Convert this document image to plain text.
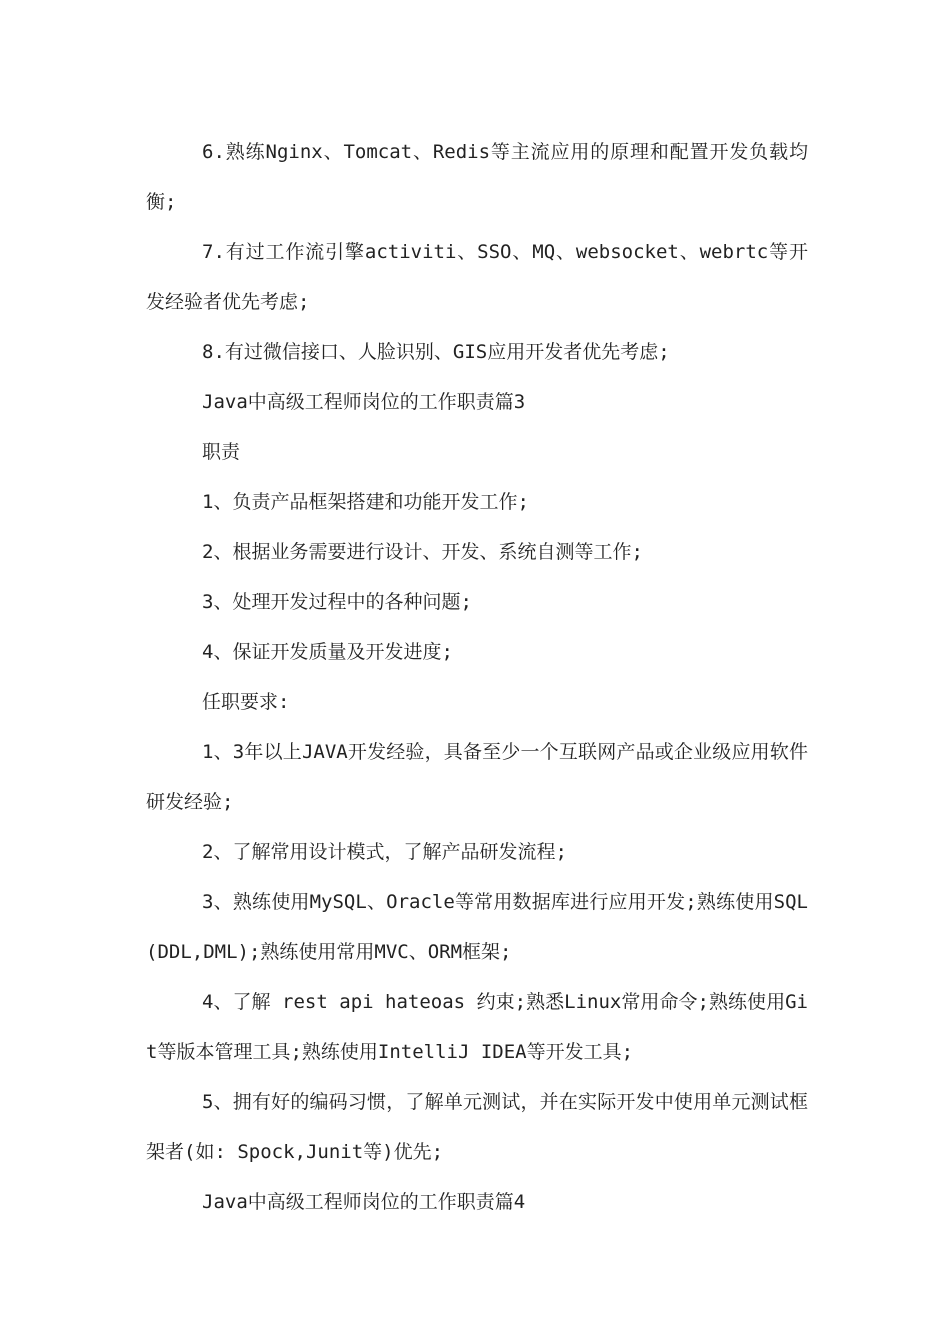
6.熟练Nginx、Tomcat、Redis等主流应用的原理和配置开发负载均衡;

7.有过工作流引擎activiti、SSO、MQ、websocket、webrtc等开发经验者优先考虑;

8.有过微信接口、人脸识别、GIS应用开发者优先考虑;

Java中高级工程师岗位的工作职责篇3

职责

1、负责产品框架搭建和功能开发工作;

2、根据业务需要进行设计、开发、系统自测等工作;

3、处理开发过程中的各种问题;

4、保证开发质量及开发进度;

任职要求:

1、3年以上JAVA开发经验，具备至少一个互联网产品或企业级应用软件研发经验;

2、了解常用设计模式，了解产品研发流程;

3、熟练使用MySQL、Oracle等常用数据库进行应用开发;熟练使用SQL(DDL,DML);熟练使用常用MVC、ORM框架;

4、了解 rest api hateoas 约束;熟悉Linux常用命令;熟练使用Git等版本管理工具;熟练使用IntelliJ IDEA等开发工具;

5、拥有好的编码习惯，了解单元测试，并在实际开发中使用单元测试框架者(如: Spock,Junit等)优先;

Java中高级工程师岗位的工作职责篇4
